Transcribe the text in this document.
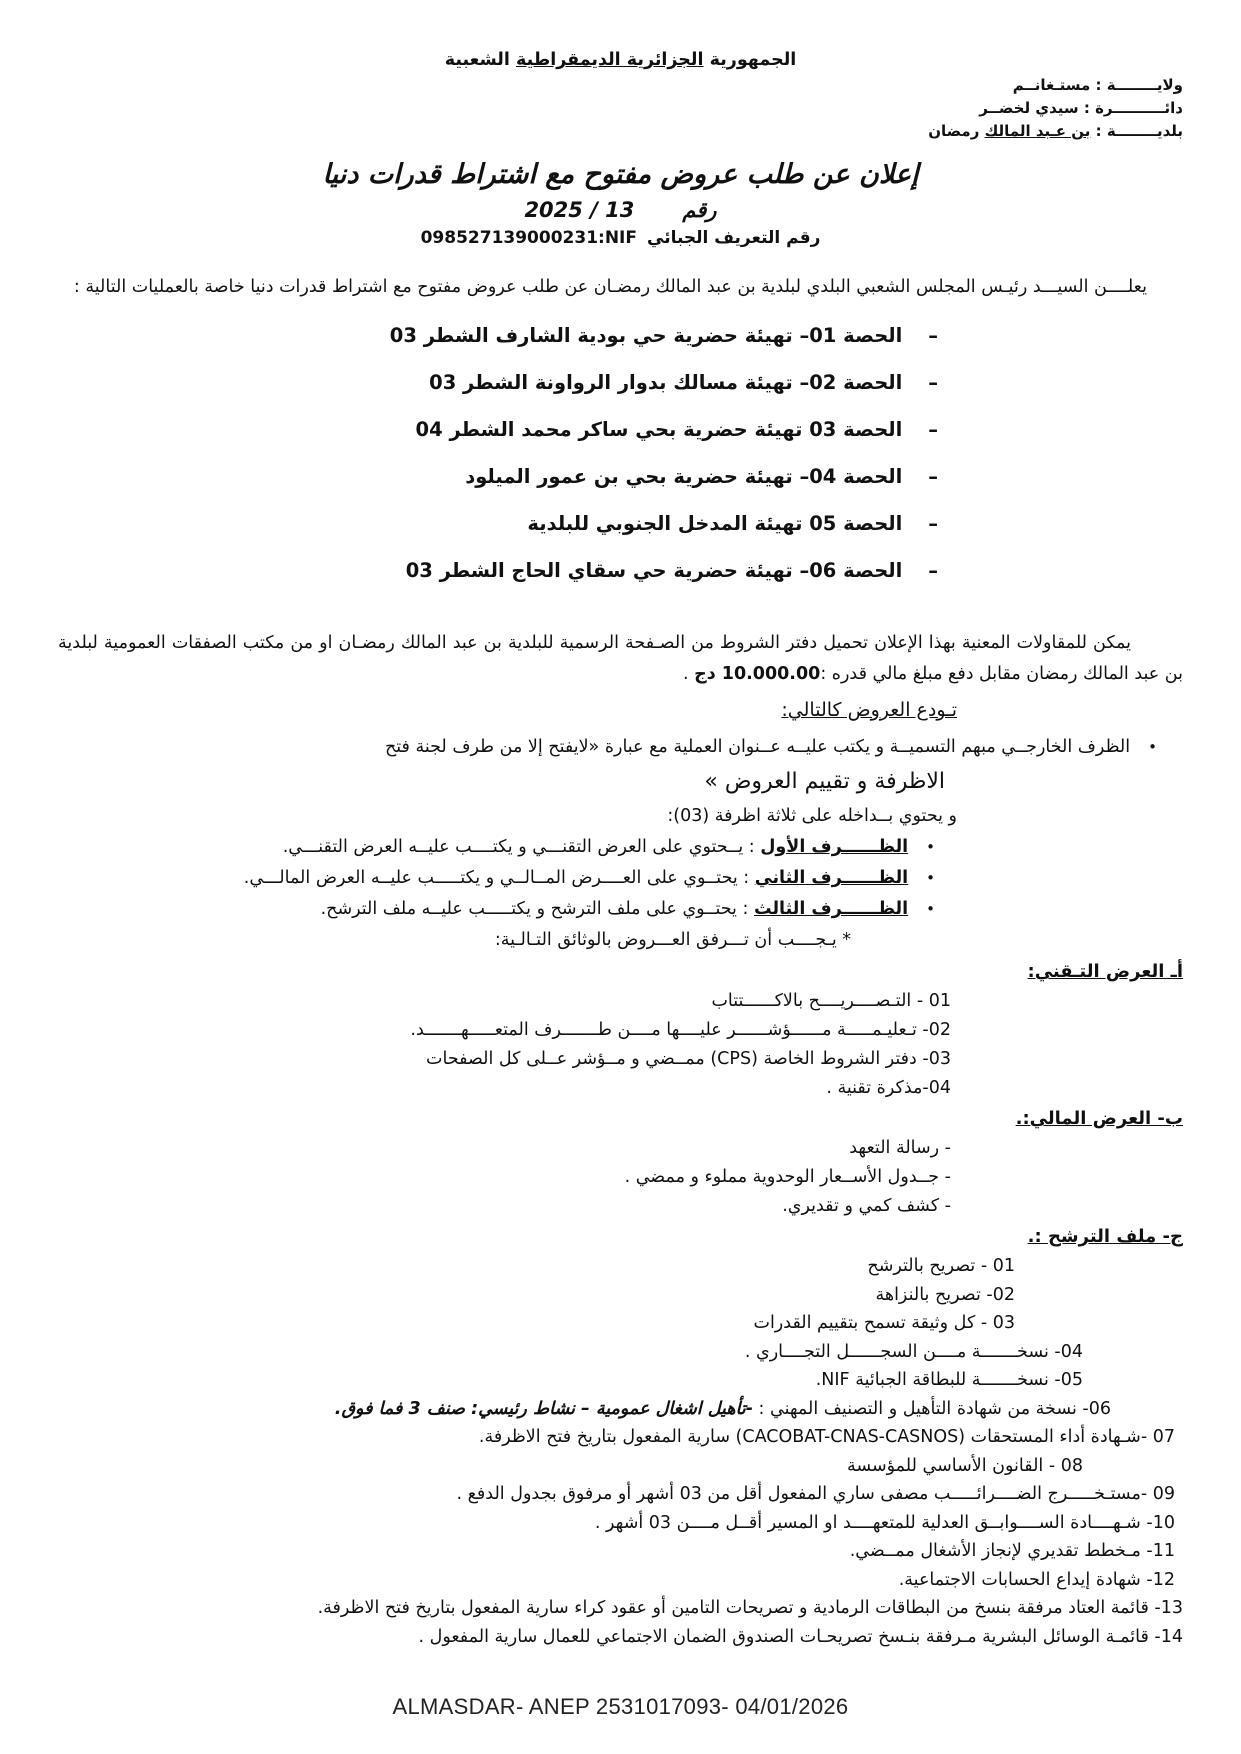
الجمهورية الجزائرية الديمقراطية الشعبية
ولايــــــــة : مستـغانــم
دائــــــــــرة : سيدي لخضــر
بلديــــــــة : بن عـبد المالك رمضان
إعلان عن طلب عروض مفتوح مع اشتراط قدرات دنيا
رقم
2025 / 13
رقم التعريف الجبائي
098527139000231:NIF
يعلــــن السيـــد رئيـس المجلس الشعبي البلدي لبلدية بن عبد المالك رمضـان عن طلب عروض مفتوح مع اشتراط قدرات دنيا خاصة بالعمليات التالية :
–
الحصة 01– تهيئة حضرية حي بودية الشارف الشطر 03
–
الحصة 02– تهيئة مسالك بدوار الرواونة الشطر 03
–
الحصة 03 تهيئة حضرية بحي ساكر محمد الشطر 04
–
الحصة 04– تهيئة حضرية بحي بن عمور الميلود
–
الحصة 05 تهيئة المدخل الجنوبي للبلدية
–
الحصة 06– تهيئة حضرية حي سقاي الحاج الشطر 03
يمكن للمقاولات المعنية بهذا الإعلان تحميل دفتر الشروط من الصـفحة الرسمية للبلدية بن عبد المالك رمضـان او من مكتب الصفقات العمومية لبلدية بن عبد المالك رمضان مقابل دفع مبلغ مالي قدره :10.000.00 دج .
تـودع العروض كالتالي:
•
الظرف الخارجــي مبهم التسميــة و يكتب عليــه عــنوان العملية مع عبارة «لايفتح إلا من طرف لجنة فتح
الاظرفة و تقييم العروض »
و يحتوي بــداخله على ثلاثة اظرفة (03):
•
الظــــــرف الأول : يــحتوي على العرض التقنـــي و يكتــــب عليــه العرض التقنـــي.
•
الظــــــرف الثاني : يحتــوي على العــــرض المــالــي و يكتـــــب عليــه العرض المالـــي.
•
الظــــــرف الثالث : يحتــوي على ملف الترشح و يكتـــــب عليــه ملف الترشح.
* يـجــــب أن تـــرفق العـــروض بالوثائق التـالـية:
أـ العرض التـقني:
01 - التـصــــريــــح بالاكــــــتتاب
02- تـعليـمـــــة مــــــؤشــــــر عليــــها مــــن طـــــــرف المتعـــــهـــــــد.
03- دفتر الشروط الخاصة (CPS) ممــضي و مــؤشر عــلى كل الصفحات
04-مذكرة تقنية .
ب- العرض المالي:.
- رسالة التعهد
- جــدول الأســعار الوحدوية مملوء و ممضي .
- كشف كمي و تقديري.
ج- ملف الترشح :.
01 - تصريح بالترشح
02- تصريح بالنزاهة
03 - كل وثيقة تسمح بتقييم القدرات
04- نسخـــــــة مــــن السجــــــل التجــــاري .
05- نسخـــــــة للبطاقة الجبائية NIF.
06- نسخة من شهادة التأهيل و التصنيف المهني : -تأهيل اشغال عمومية – نشاط رئيسي: صنف 3 فما فوق.
07 -شـهادة أداء المستحقات (CACOBAT-CNAS-CASNOS) سارية المفعول بتاريخ فتح الاظرفة.
08 - القانون الأساسي للمؤسسة
09 -مستـخـــــرج الضــــرائـــــب مصفى ساري المفعول أقل من 03 أشهر أو مرفوق بجدول الدفع .
10- شـهــــادة الســــوابــق العدلية للمتعهــــد او المسير أقــل مــــن 03 أشهر .
11- مـخطط تقديري لإنجاز الأشغال ممــضي.
12- شهادة إيداع الحسابات الاجتماعية.
13- قائمة العتاد مرفقة بنسخ من البطاقات الرمادية و تصريحات التامين أو عقود كراء سارية المفعول بتاريخ فتح الاظرفة.
14- قائمـة الوسائل البشرية مـرفقة بنـسخ تصريحـات الصندوق الضمان الاجتماعي للعمال سارية المفعول .
ALMASDAR- ANEP 2531017093- 04/01/2026
